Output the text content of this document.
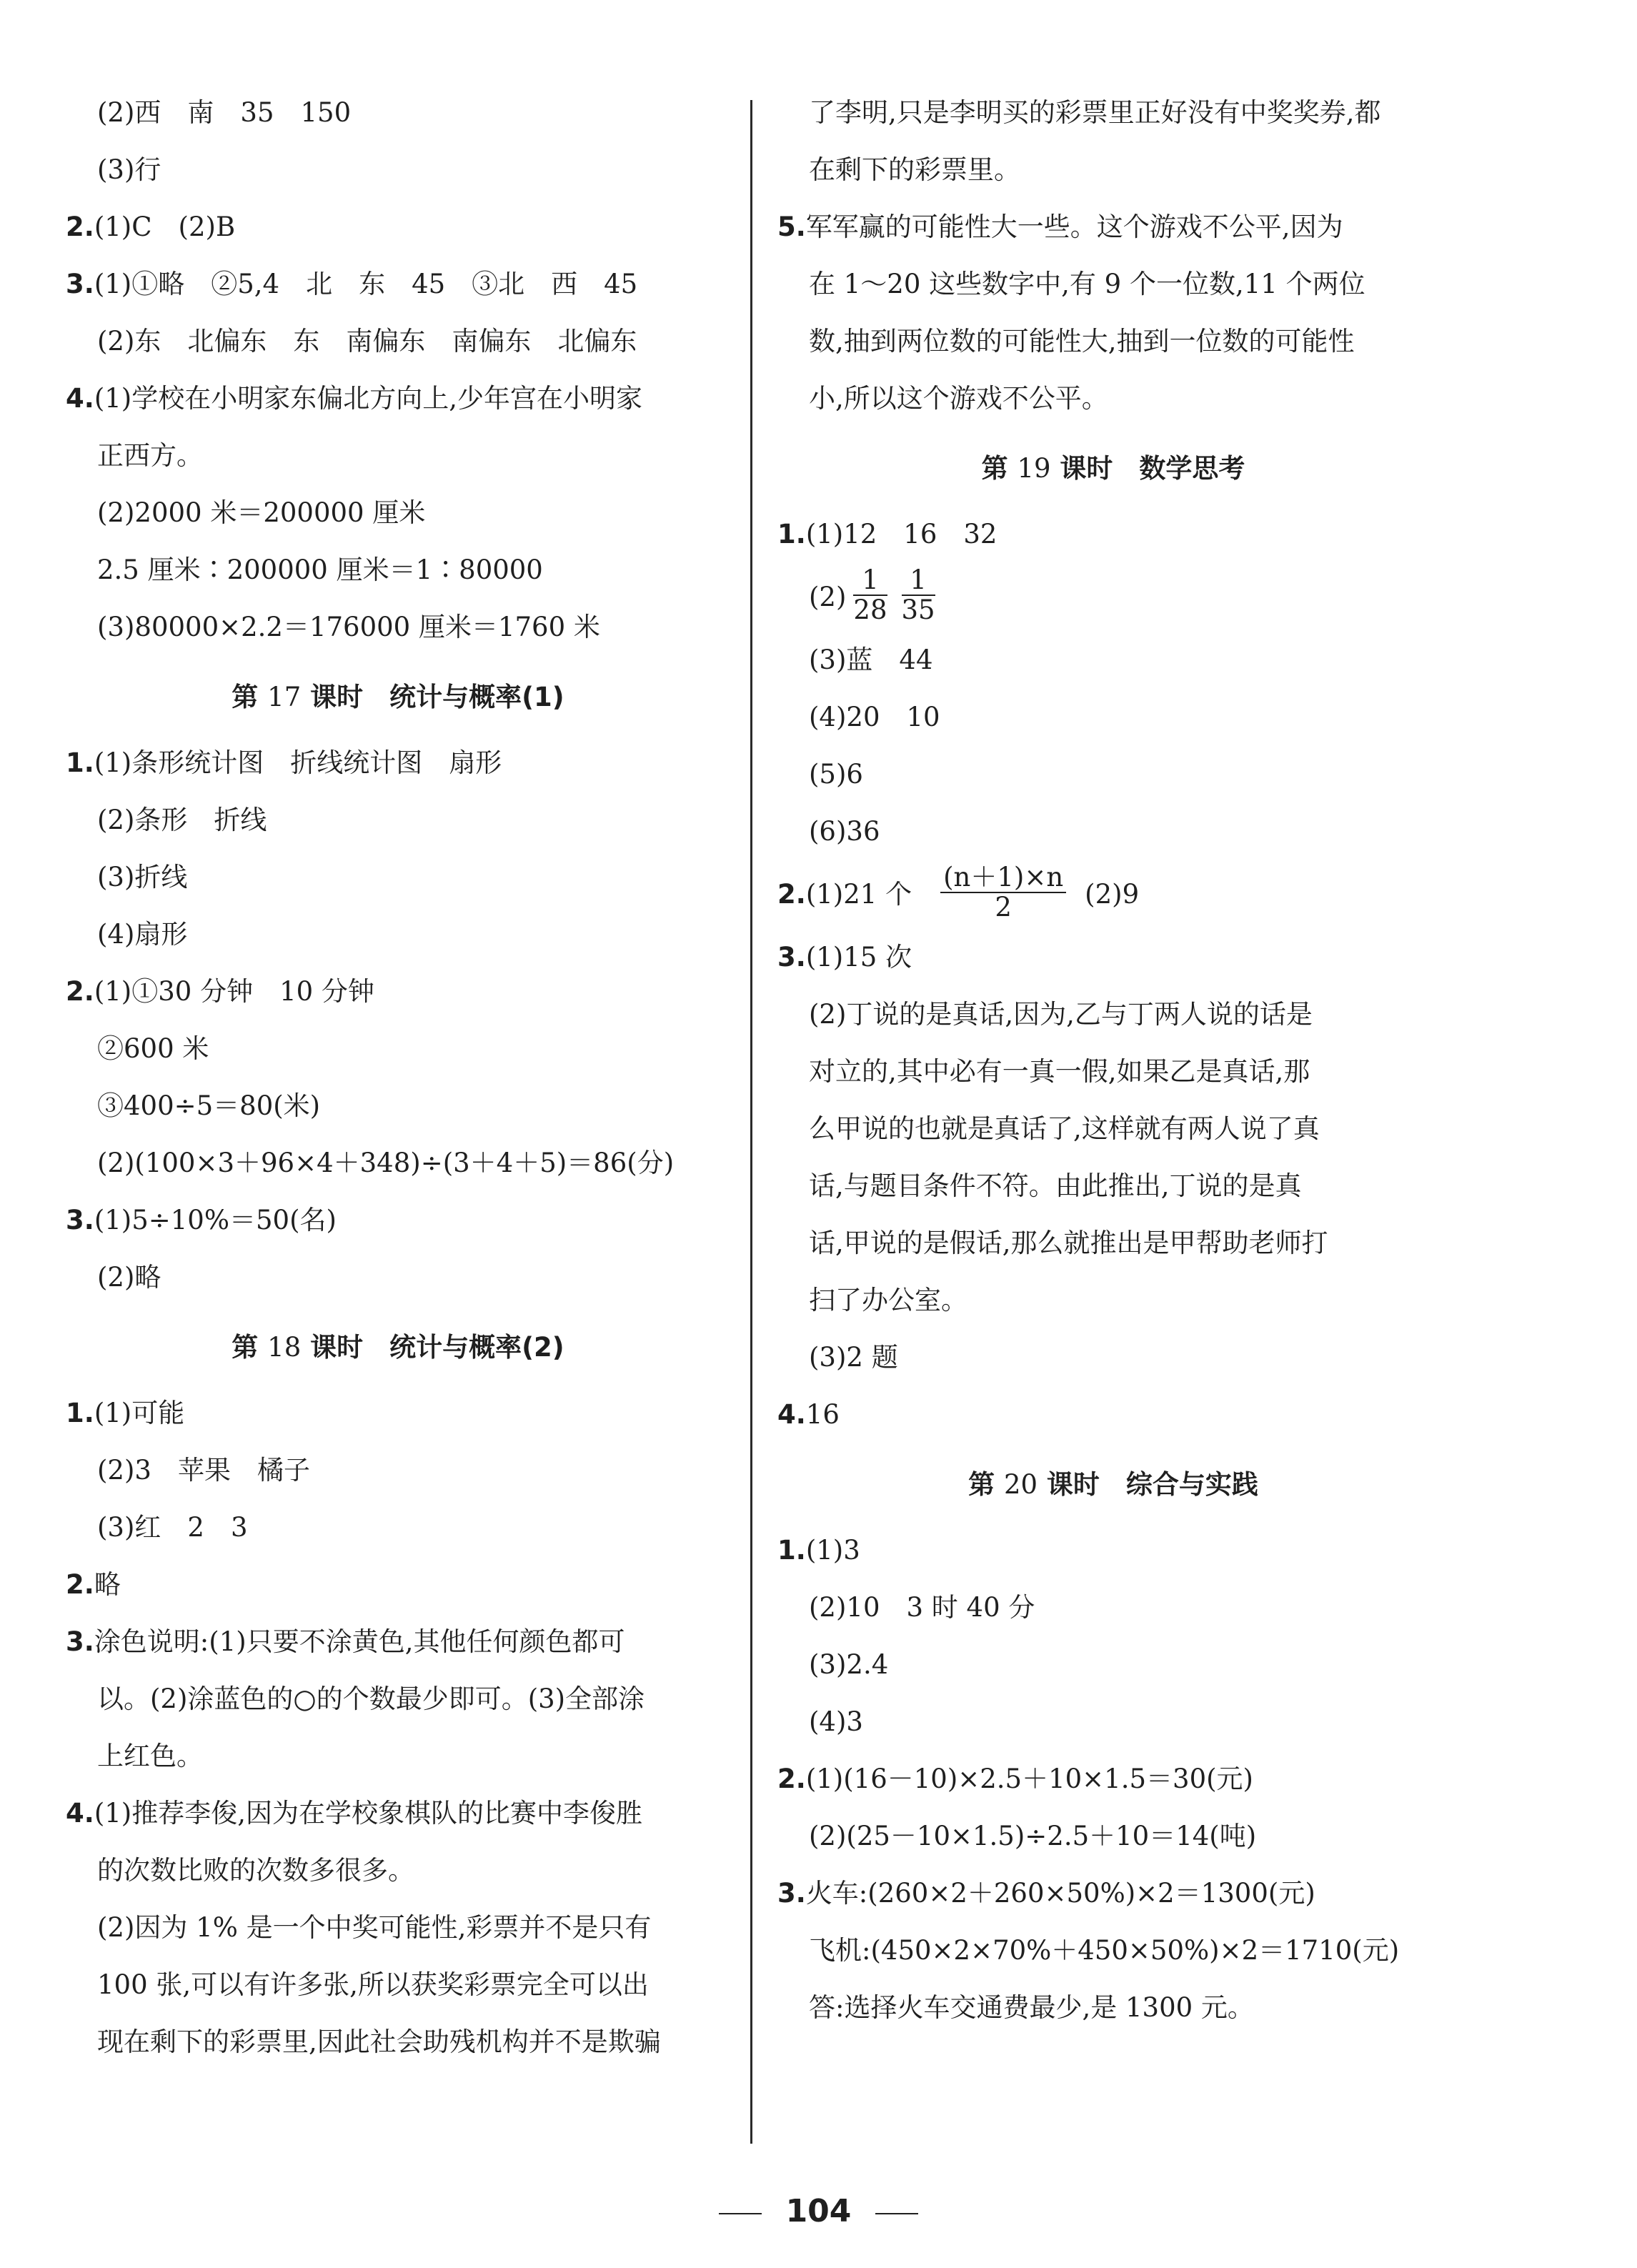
(2)西　南　35　150
(3)行
2.(1)C　(2)B
3.(1)①略　②5,4　北　东　45　③北　西　45
(2)东　北偏东　东　南偏东　南偏东　北偏东
4.(1)学校在小明家东偏北方向上,少年宫在小明家
正西方。
(2)2000 米＝200000 厘米
2.5 厘米∶200000 厘米＝1∶80000
(3)80000×2.2＝176000 厘米＝1760 米
第 17 课时　统计与概率(1)
1.(1)条形统计图　折线统计图　扇形
(2)条形　折线
(3)折线
(4)扇形
2.(1)①30 分钟　10 分钟
②600 米
③400÷5＝80(米)
(2)(100×3＋96×4＋348)÷(3＋4＋5)＝86(分)
3.(1)5÷10%＝50(名)
(2)略
第 18 课时　统计与概率(2)
1.(1)可能
(2)3　苹果　橘子
(3)红　2　3
2.略
3.涂色说明:(1)只要不涂黄色,其他任何颜色都可
以。(2)涂蓝色的○的个数最少即可。(3)全部涂
上红色。
4.(1)推荐李俊,因为在学校象棋队的比赛中李俊胜
的次数比败的次数多很多。
(2)因为 1% 是一个中奖可能性,彩票并不是只有
100 张,可以有许多张,所以获奖彩票完全可以出
现在剩下的彩票里,因此社会助残机构并不是欺骗
了李明,只是李明买的彩票里正好没有中奖奖券,都
在剩下的彩票里。
5.军军赢的可能性大一些。这个游戏不公平,因为
在 1～20 这些数字中,有 9 个一位数,11 个两位
数,抽到两位数的可能性大,抽到一位数的可能性
小,所以这个游戏不公平。
第 19 课时　数学思考
1.(1)12　16　32
$(2) \frac{1}{28} \frac{1}{35}$
(3)蓝　44
(4)20　10
(5)6
(6)36
2.(1)21 个 $\frac{(n+1)\times n}{2} (2)9$
3.(1)15 次
(2)丁说的是真话,因为,乙与丁两人说的话是
对立的,其中必有一真一假,如果乙是真话,那
么甲说的也就是真话了,这样就有两人说了真
话,与题目条件不符。由此推出,丁说的是真
话,甲说的是假话,那么就推出是甲帮助老师打
扫了办公室。
(3)2 题
4.16
第 20 课时　综合与实践
1.(1)3
(2)10　3 时 40 分
(3)2.4
(4)3
2.(1)(16－10)×2.5＋10×1.5＝30(元)
(2)(25－10×1.5)÷2.5＋10＝14(吨)
3.火车:(260×2＋260×50%)×2＝1300(元)
飞机:(450×2×70%＋450×50%)×2＝1710(元)
答:选择火车交通费最少,是 1300 元。
104
